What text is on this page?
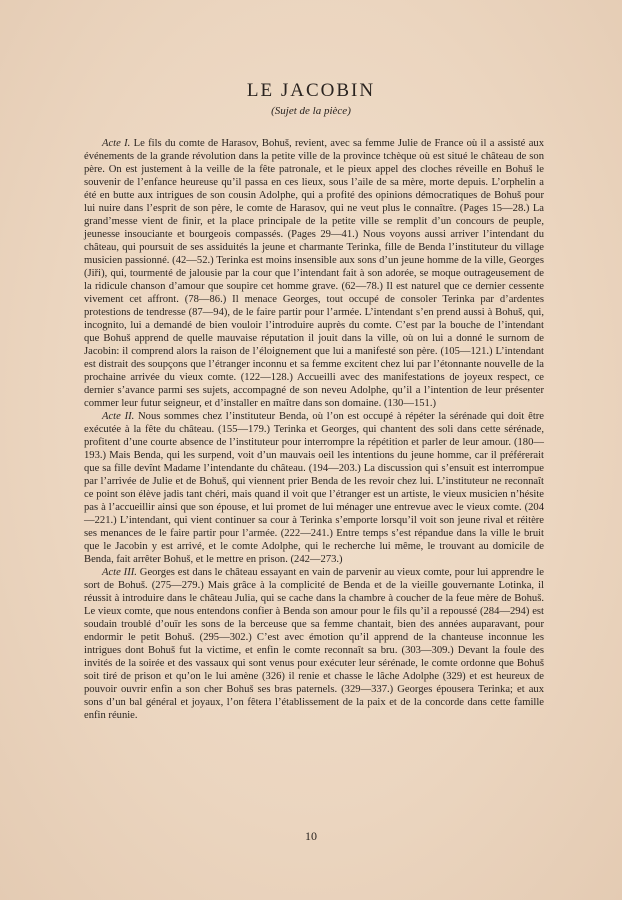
LE JACOBIN

(Sujet de la pièce)

Acte I. Le fils du comte de Harasov, Bohuš, revient, avec sa femme Julie de France où il a assisté aux événements de la grande révolution dans la petite ville de la province tchèque où est situé le château de son père. On est justement à la veille de la fête patronale, et le pieux appel des cloches réveille en Bohuš le souvenir de l’enfance heureuse qu’il passa en ces lieux, sous l’aile de sa mère, morte depuis. L’orphelin a été en butte aux intrigues de son cousin Adolphe, qui a profité des opinions démocratiques de Bohuš pour lui nuire dans l’esprit de son père, le comte de Harasov, qui ne veut plus le connaître. (Pages 15—28.) La grand’messe vient de finir, et la place principale de la petite ville se remplit d’un concours de peuple, jeunesse insouciante et bourgeois compassés. (Pages 29—41.) Nous voyons aussi arriver l’intendant du château, qui poursuit de ses assiduités la jeune et charmante Terinka, fille de Benda l’instituteur du village musicien passionné. (42—52.) Terinka est moins insensible aux sons d’un jeune homme de la ville, Georges (Jiři), qui, tourmenté de jalousie par la cour que l’intendant fait à son adorée, se moque outrageusement de la ridicule chanson d’amour que soupire cet homme grave. (62—78.) Il est naturel que ce dernier cessente vivement cet affront. (78—86.) Il menace Georges, tout occupé de consoler Terinka par d’ardentes protestions de tendresse (87—94), de le faire partir pour l’armée. L’intendant s’en prend aussi à Bohuš, qui, incognito, lui a demandé de bien vouloir l’introduire auprès du comte. C’est par la bouche de l’intendant que Bohuš apprend de quelle mauvaise réputation il jouit dans la ville, où on lui a donné le surnom de Jacobin: il comprend alors la raison de l’éloignement que lui a manifesté son père. (105—121.) L’intendant est distrait des soupçons que l’étranger inconnu et sa femme excitent chez lui par l’étonnante nouvelle de la prochaine arrivée du vieux comte. (122—128.) Accueilli avec des manifestations de joyeux respect, ce dernier s’avance parmi ses sujets, accompagné de son neveu Adolphe, qu’il a l’intention de leur présenter commer leur futur seigneur, et d’installer en maître dans son domaine. (130—151.)

Acte II. Nous sommes chez l’instituteur Benda, où l’on est occupé à répéter la sérénade qui doit être exécutée à la fête du château. (155—179.) Terinka et Georges, qui chantent des soli dans cette sérénade, profitent d’une courte absence de l’instituteur pour interrompre la répétition et parler de leur amour. (180—193.) Mais Benda, qui les surpend, voit d’un mauvais oeil les intentions du jeune homme, car il préférerait que sa fille devînt Madame l’intendante du château. (194—203.) La discussion qui s’ensuit est interrompue par l’arrivée de Julie et de Bohuš, qui viennent prier Benda de les revoir chez lui. L’instituteur ne reconnaît ce point son élève jadis tant chéri, mais quand il voit que l’étranger est un artiste, le vieux musicien n’hésite pas à l’accueillir ainsi que son épouse, et lui promet de lui ménager une entrevue avec le vieux comte. (204—221.) L’intendant, qui vient continuer sa cour à Terinka s’emporte lorsqu’il voit son jeune rival et réitère ses menances de le faire partir pour l’armée. (222—241.) Entre temps s’est répandue dans la ville le bruit que le Jacobin y est arrivé, et le comte Adolphe, qui le recherche lui même, le trouvant au domicile de Benda, fait arrêter Bohuš, et le mettre en prison. (242—273.)

Acte III. Georges est dans le château essayant en vain de parvenir au vieux comte, pour lui apprendre le sort de Bohuš. (275—279.) Mais grâce à la complicité de Benda et de la vieille gouvernante Lotinka, il réussit à introduire dans le château Julia, qui se cache dans la chambre à coucher de la feue mère de Bohuš. Le vieux comte, que nous entendons confier à Benda son amour pour le fils qu’il a repoussé (284—294) est soudain troublé d’ouïr les sons de la berceuse que sa femme chantait, bien des années auparavant, pour endormir le petit Bohuš. (295—302.) C’est avec émotion qu’il apprend de la chanteuse inconnue les intrigues dont Bohuš fut la victime, et enfin le comte reconnaît sa bru. (303—309.) Devant la foule des invités de la soirée et des vassaux qui sont venus pour exécuter leur sérénade, le comte ordonne que Bohuš soit tiré de prison et qu’on le lui amène (326) il renie et chasse le lâche Adolphe (329) et est heureux de pouvoir ouvrir enfin a son cher Bohuš ses bras paternels. (329—337.) Georges épousera Terinka; et aux sons d’un bal général et joyaux, l’on fêtera l’établissement de la paix et de la concorde dans cette famille enfin réunie.

10
